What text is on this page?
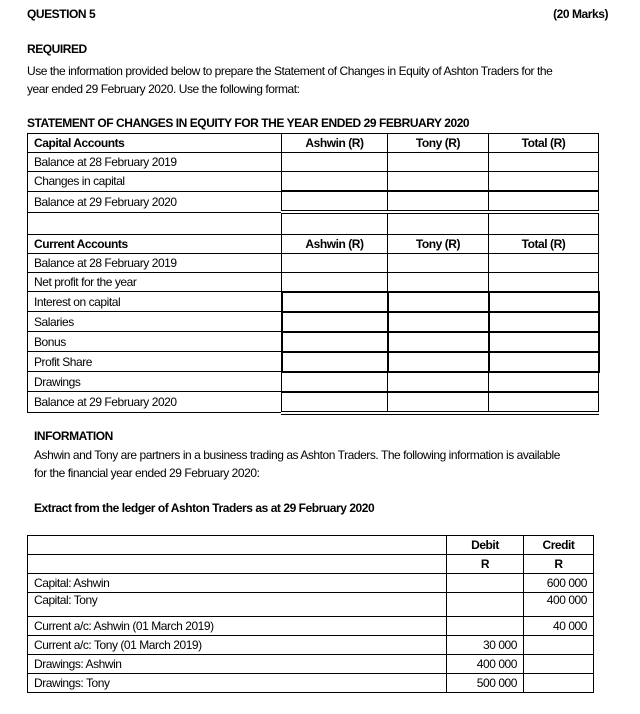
QUESTION 5	(20 Marks)
REQUIRED

Use the information provided below to prepare the Statement of Changes in Equity of Ashton Traders for the

year ended 29 February 2020. Use the following format:

STATEMENT OF CHANGES IN EQUITY FOR THE YEAR ENDED 29 FEBRUARY 2020
Capital Accounts	Ashwin (R)	Tony (R)	Total (R)
Balance at 28 February 2019			
Changes in capital			
Balance at 29 February 2020			

Current Accounts	Ashwin (R)	Tony (R)	Total (R)
Balance at 28 February 2019			
Net profit for the year			
Interest on capital			
Salaries			
Bonus			
Profit Share			
Drawings			
Balance at 29 February 2020			
INFORMATION

Ashwin and Tony are partners in a business trading as Ashton Traders. The following information is available

for the financial year ended 29 February 2020:

Extract from the ledger of Ashton Traders as at 29 February 2020
	Debit	Credit
	R	R
Capital: Ashwin		600 000
Capital: Tony		400 000
Current a/c: Ashwin (01 March 2019)		40 000
Current a/c: Tony (01 March 2019)	30 000	
Drawings: Ashwin	400 000	
Drawings: Tony	500 000	
